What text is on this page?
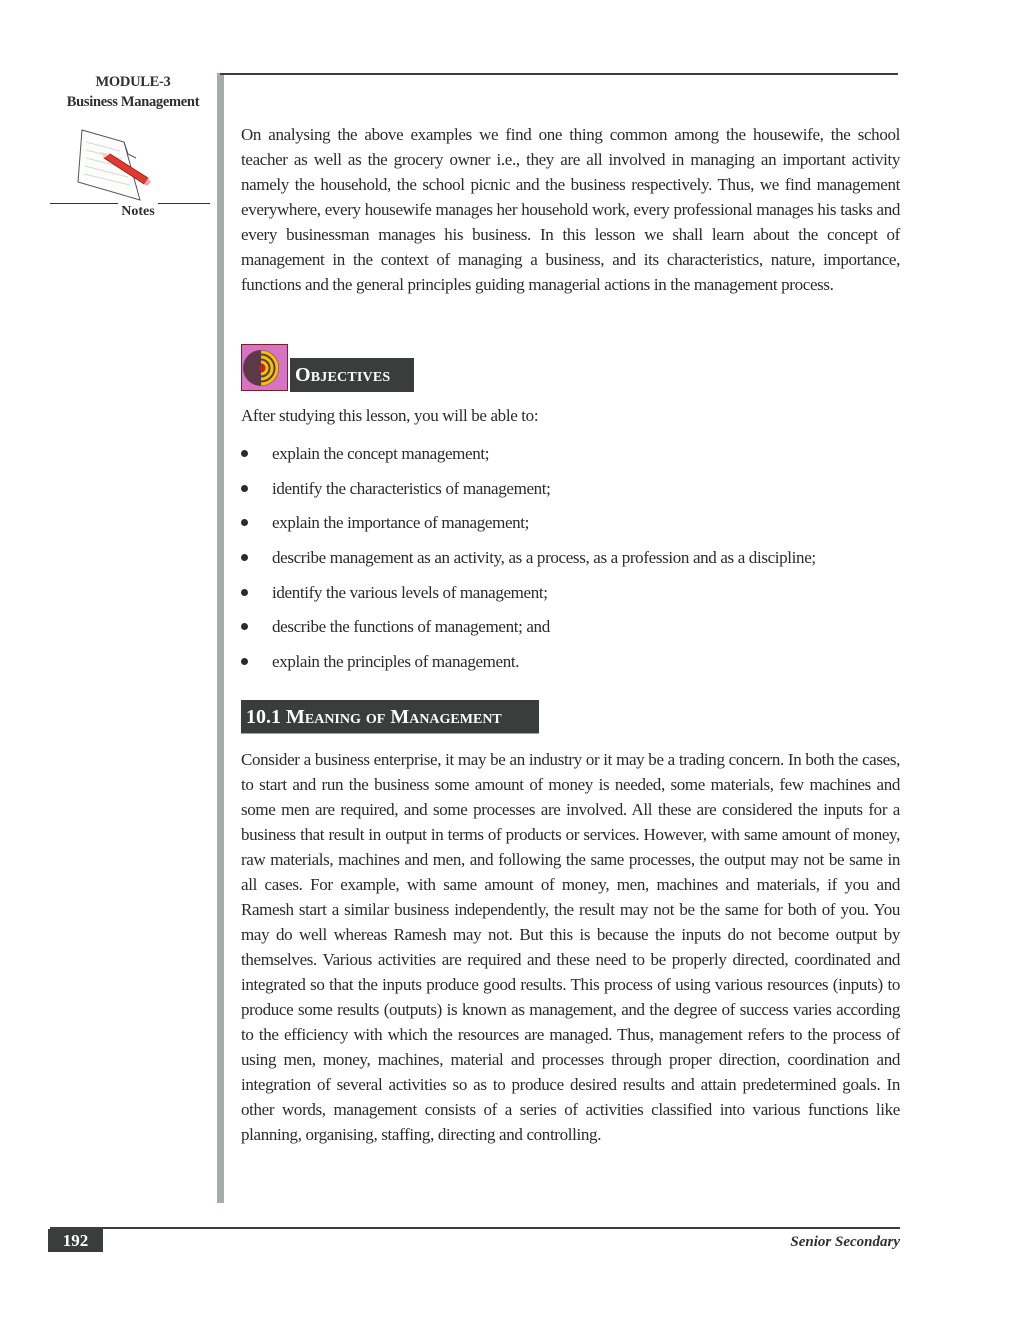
MODULE-3
Business Management
Notes

On analysing the above examples we find one thing common among the housewife, the school teacher as well as the grocery owner i.e., they are all involved in managing an important activity namely the household, the school picnic and the business respectively. Thus, we find management everywhere, every housewife manages her household work, every professional manages his tasks and every businessman manages his business. In this lesson we shall learn about the concept of management in the context of managing a business, and its characteristics, nature, importance, functions and the general principles guiding managerial actions in the management process.

Objectives
After studying this lesson, you will be able to:
explain the concept management;
identify the characteristics of management;
explain the importance of management;
describe management as an activity, as a process, as a profession and as a discipline;
identify the various levels of management;
describe the functions of management; and
explain the principles of management.
10.1 Meaning of Management

Consider a business enterprise, it may be an industry or it may be a trading concern. In both the cases, to start and run the business some amount of money is needed, some materials, few machines and some men are required, and some processes are involved. All these are considered the inputs for a business that result in output in terms of products or services. However, with same amount of money, raw materials, machines and men, and following the same processes, the output may not be same in all cases. For example, with same amount of money, men, machines and materials, if you and Ramesh start a similar business independently, the result may not be the same for both of you. You may do well whereas Ramesh may not. But this is because the inputs do not become output by themselves. Various activities are required and these need to be properly directed, coordinated and integrated so that the inputs produce good results. This process of using various resources (inputs) to produce some results (outputs) is known as management, and the degree of success varies according to the efficiency with which the resources are managed. Thus, management refers to the process of using men, money, machines, material and processes through proper direction, coordination and integration of several activities so as to produce desired results and attain predetermined goals. In other words, management consists of a series of activities classified into various functions like planning, organising, staffing, directing and controlling.

192	Senior Secondary
